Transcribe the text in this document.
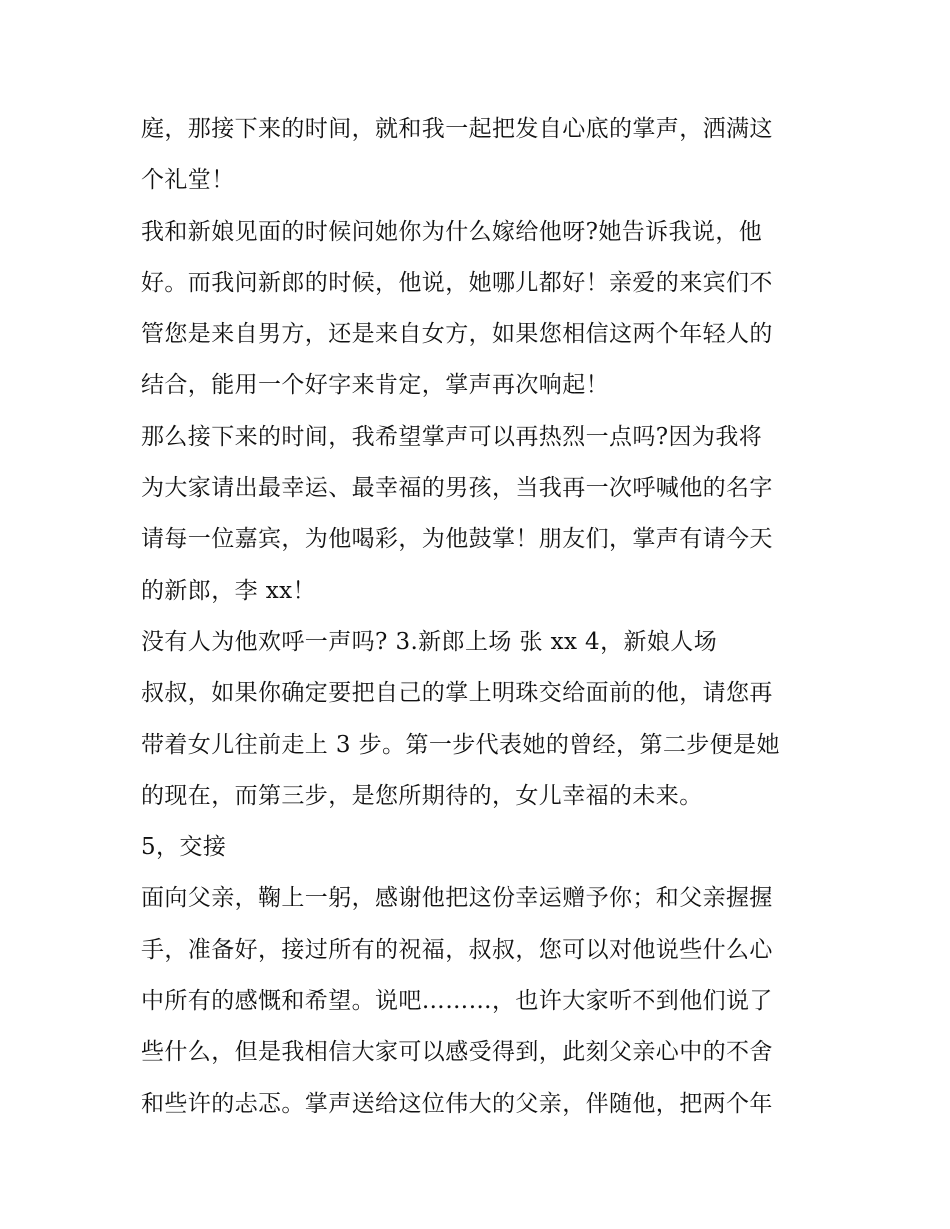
庭，那接下来的时间，就和我一起把发自心底的掌声，洒满这
个礼堂！
我和新娘见面的时候问她你为什么嫁给他呀?她告诉我说，他
好。而我问新郎的时候，他说，她哪儿都好！亲爱的来宾们不
管您是来自男方，还是来自女方，如果您相信这两个年轻人的
结合，能用一个好字来肯定，掌声再次响起！
那么接下来的时间，我希望掌声可以再热烈一点吗?因为我将
为大家请出最幸运、最幸福的男孩，当我再一次呼喊他的名字
请每一位嘉宾，为他喝彩，为他鼓掌！朋友们，掌声有请今天
的新郎，李 xx！
没有人为他欢呼一声吗? 3.新郎上场 张 xx 4，新娘人场
叔叔，如果你确定要把自己的掌上明珠交给面前的他，请您再
带着女儿往前走上 3 步。第一步代表她的曾经，第二步便是她
的现在，而第三步，是您所期待的，女儿幸福的未来。
5，交接
面向父亲，鞠上一躬，感谢他把这份幸运赠予你；和父亲握握
手，准备好，接过所有的祝福，叔叔，您可以对他说些什么心
中所有的感慨和希望。说吧………，也许大家听不到他们说了
些什么，但是我相信大家可以感受得到，此刻父亲心中的不舍
和些许的忐忑。掌声送给这位伟大的父亲，伴随他，把两个年
